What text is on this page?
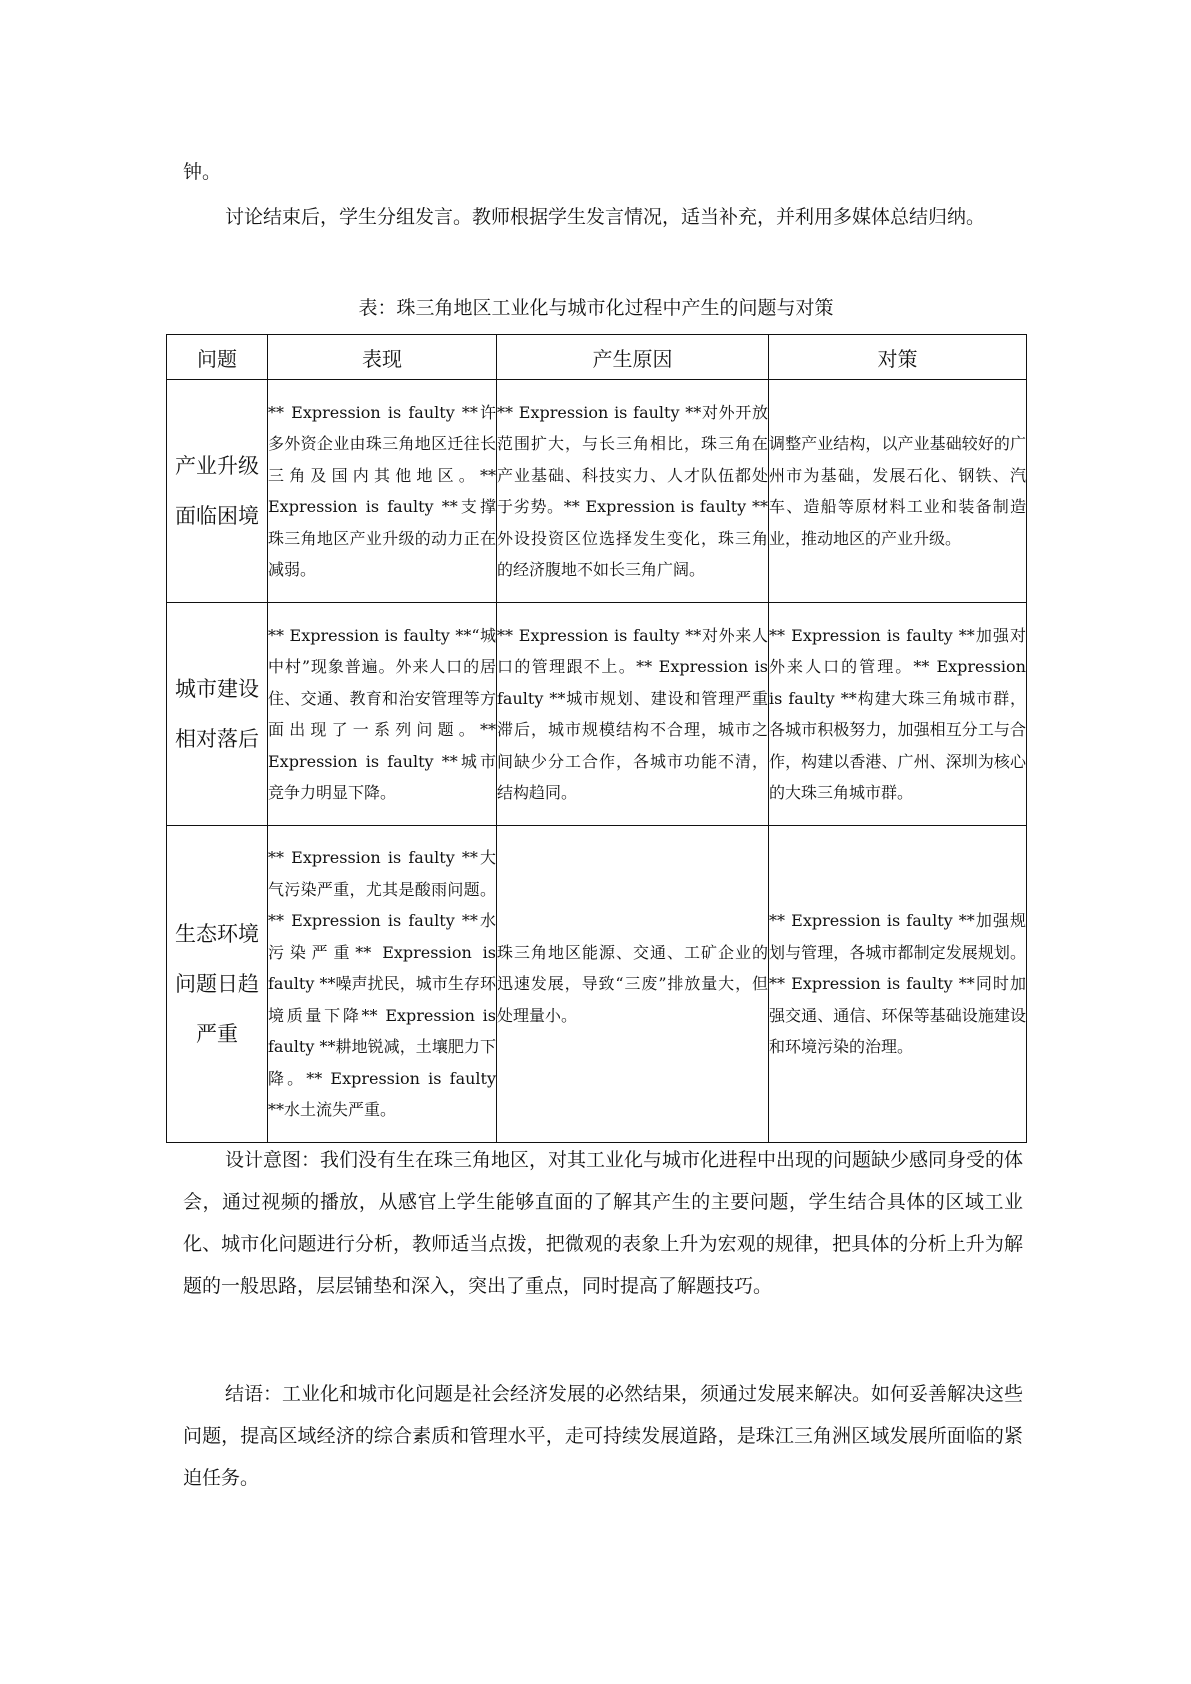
钟。

讨论结束后，学生分组发言。教师根据学生发言情况，适当补充，并利用多媒体总结归纳。

表：珠三角地区工业化与城市化过程中产生的问题与对策
问题	表现	产生原因	对策
产业升级面临困境	** Expression is faulty **许多外资企业由珠三角地区迁往长三角及国内其他地区。** Expression is faulty **支撑珠三角地区产业升级的动力正在减弱。	** Expression is faulty **对外开放范围扩大，与长三角相比，珠三角在产业基础、科技实力、人才队伍都处于劣势。** Expression is faulty **外设投资区位选择发生变化，珠三角的经济腹地不如长三角广阔。	调整产业结构，以产业基础较好的广州市为基础，发展石化、钢铁、汽车、造船等原材料工业和装备制造业，推动地区的产业升级。
城市建设相对落后	** Expression is faulty **“城中村”现象普遍。外来人口的居住、交通、教育和治安管理等方面出现了一系列问题。** Expression is faulty **城市竞争力明显下降。	** Expression is faulty **对外来人口的管理跟不上。** Expression is faulty **城市规划、建设和管理严重滞后，城市规模结构不合理，城市之间缺少分工合作，各城市功能不清，结构趋同。	** Expression is faulty **加强对外来人口的管理。** Expression is faulty **构建大珠三角城市群，各城市积极努力，加强相互分工与合作，构建以香港、广州、深圳为核心的大珠三角城市群。
生态环境问题日趋严重	** Expression is faulty **大气污染严重，尤其是酸雨问题。** Expression is faulty **水污染严重** Expression is faulty **噪声扰民，城市生存环境质量下降** Expression is faulty **耕地锐减，土壤肥力下降。** Expression is faulty **水土流失严重。	珠三角地区能源、交通、工矿企业的迅速发展，导致“三废”排放量大，但处理量小。	** Expression is faulty **加强规划与管理，各城市都制定发展规划。** Expression is faulty **同时加强交通、通信、环保等基础设施建设和环境污染的治理。

设计意图：我们没有生在珠三角地区，对其工业化与城市化进程中出现的问题缺少感同身受的体会，通过视频的播放，从感官上学生能够直面的了解其产生的主要问题，学生结合具体的区域工业化、城市化问题进行分析，教师适当点拨，把微观的表象上升为宏观的规律，把具体的分析上升为解题的一般思路，层层铺垫和深入，突出了重点，同时提高了解题技巧。

结语：工业化和城市化问题是社会经济发展的必然结果，须通过发展来解决。如何妥善解决这些问题，提高区域经济的综合素质和管理水平，走可持续发展道路，是珠江三角洲区域发展所面临的紧迫任务。
